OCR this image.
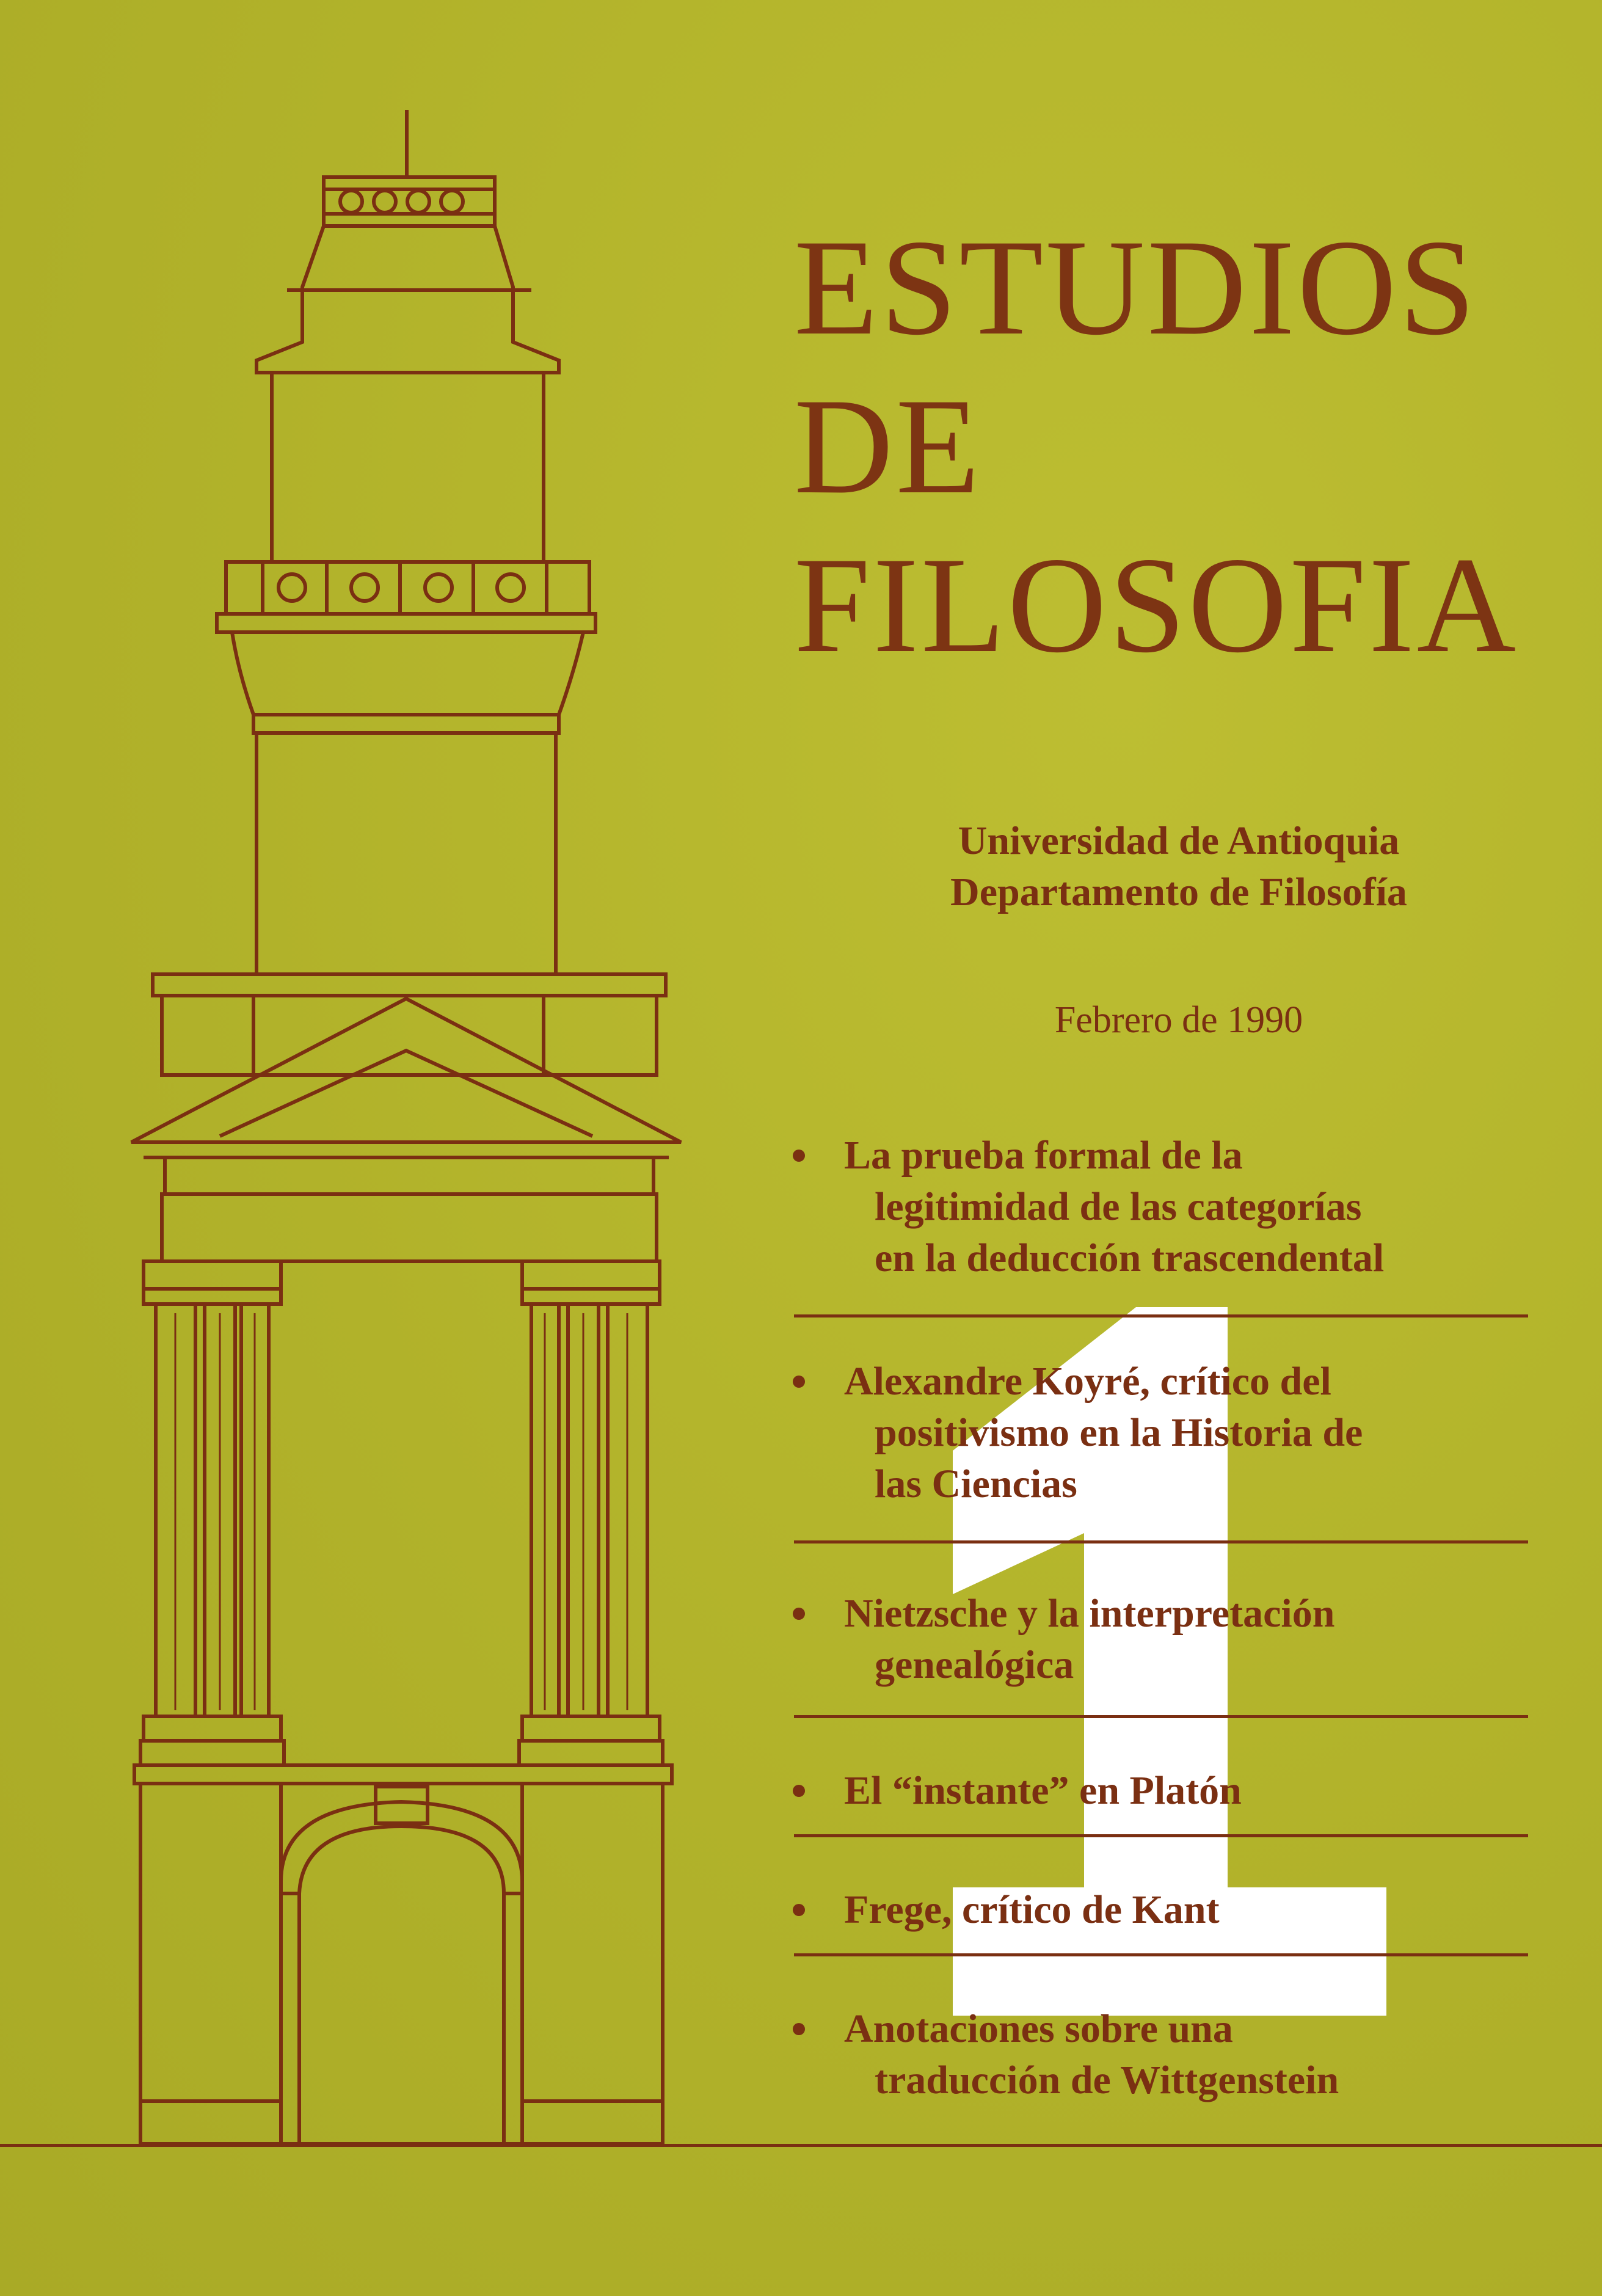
ESTUDIOS
DE
FILOSOFIA
Universidad de Antioquia
Departamento de Filosofía
Febrero de 1990
La prueba formal de la
legitimidad de las categorías
en la deducción trascendental
Alexandre Koyré, crítico del
positivismo en la Historia de
las Ciencias
Nietzsche y la interpretación
genealógica
El “instante” en Platón
Frege, crítico de Kant
Anotaciones sobre una
traducción de Wittgenstein
